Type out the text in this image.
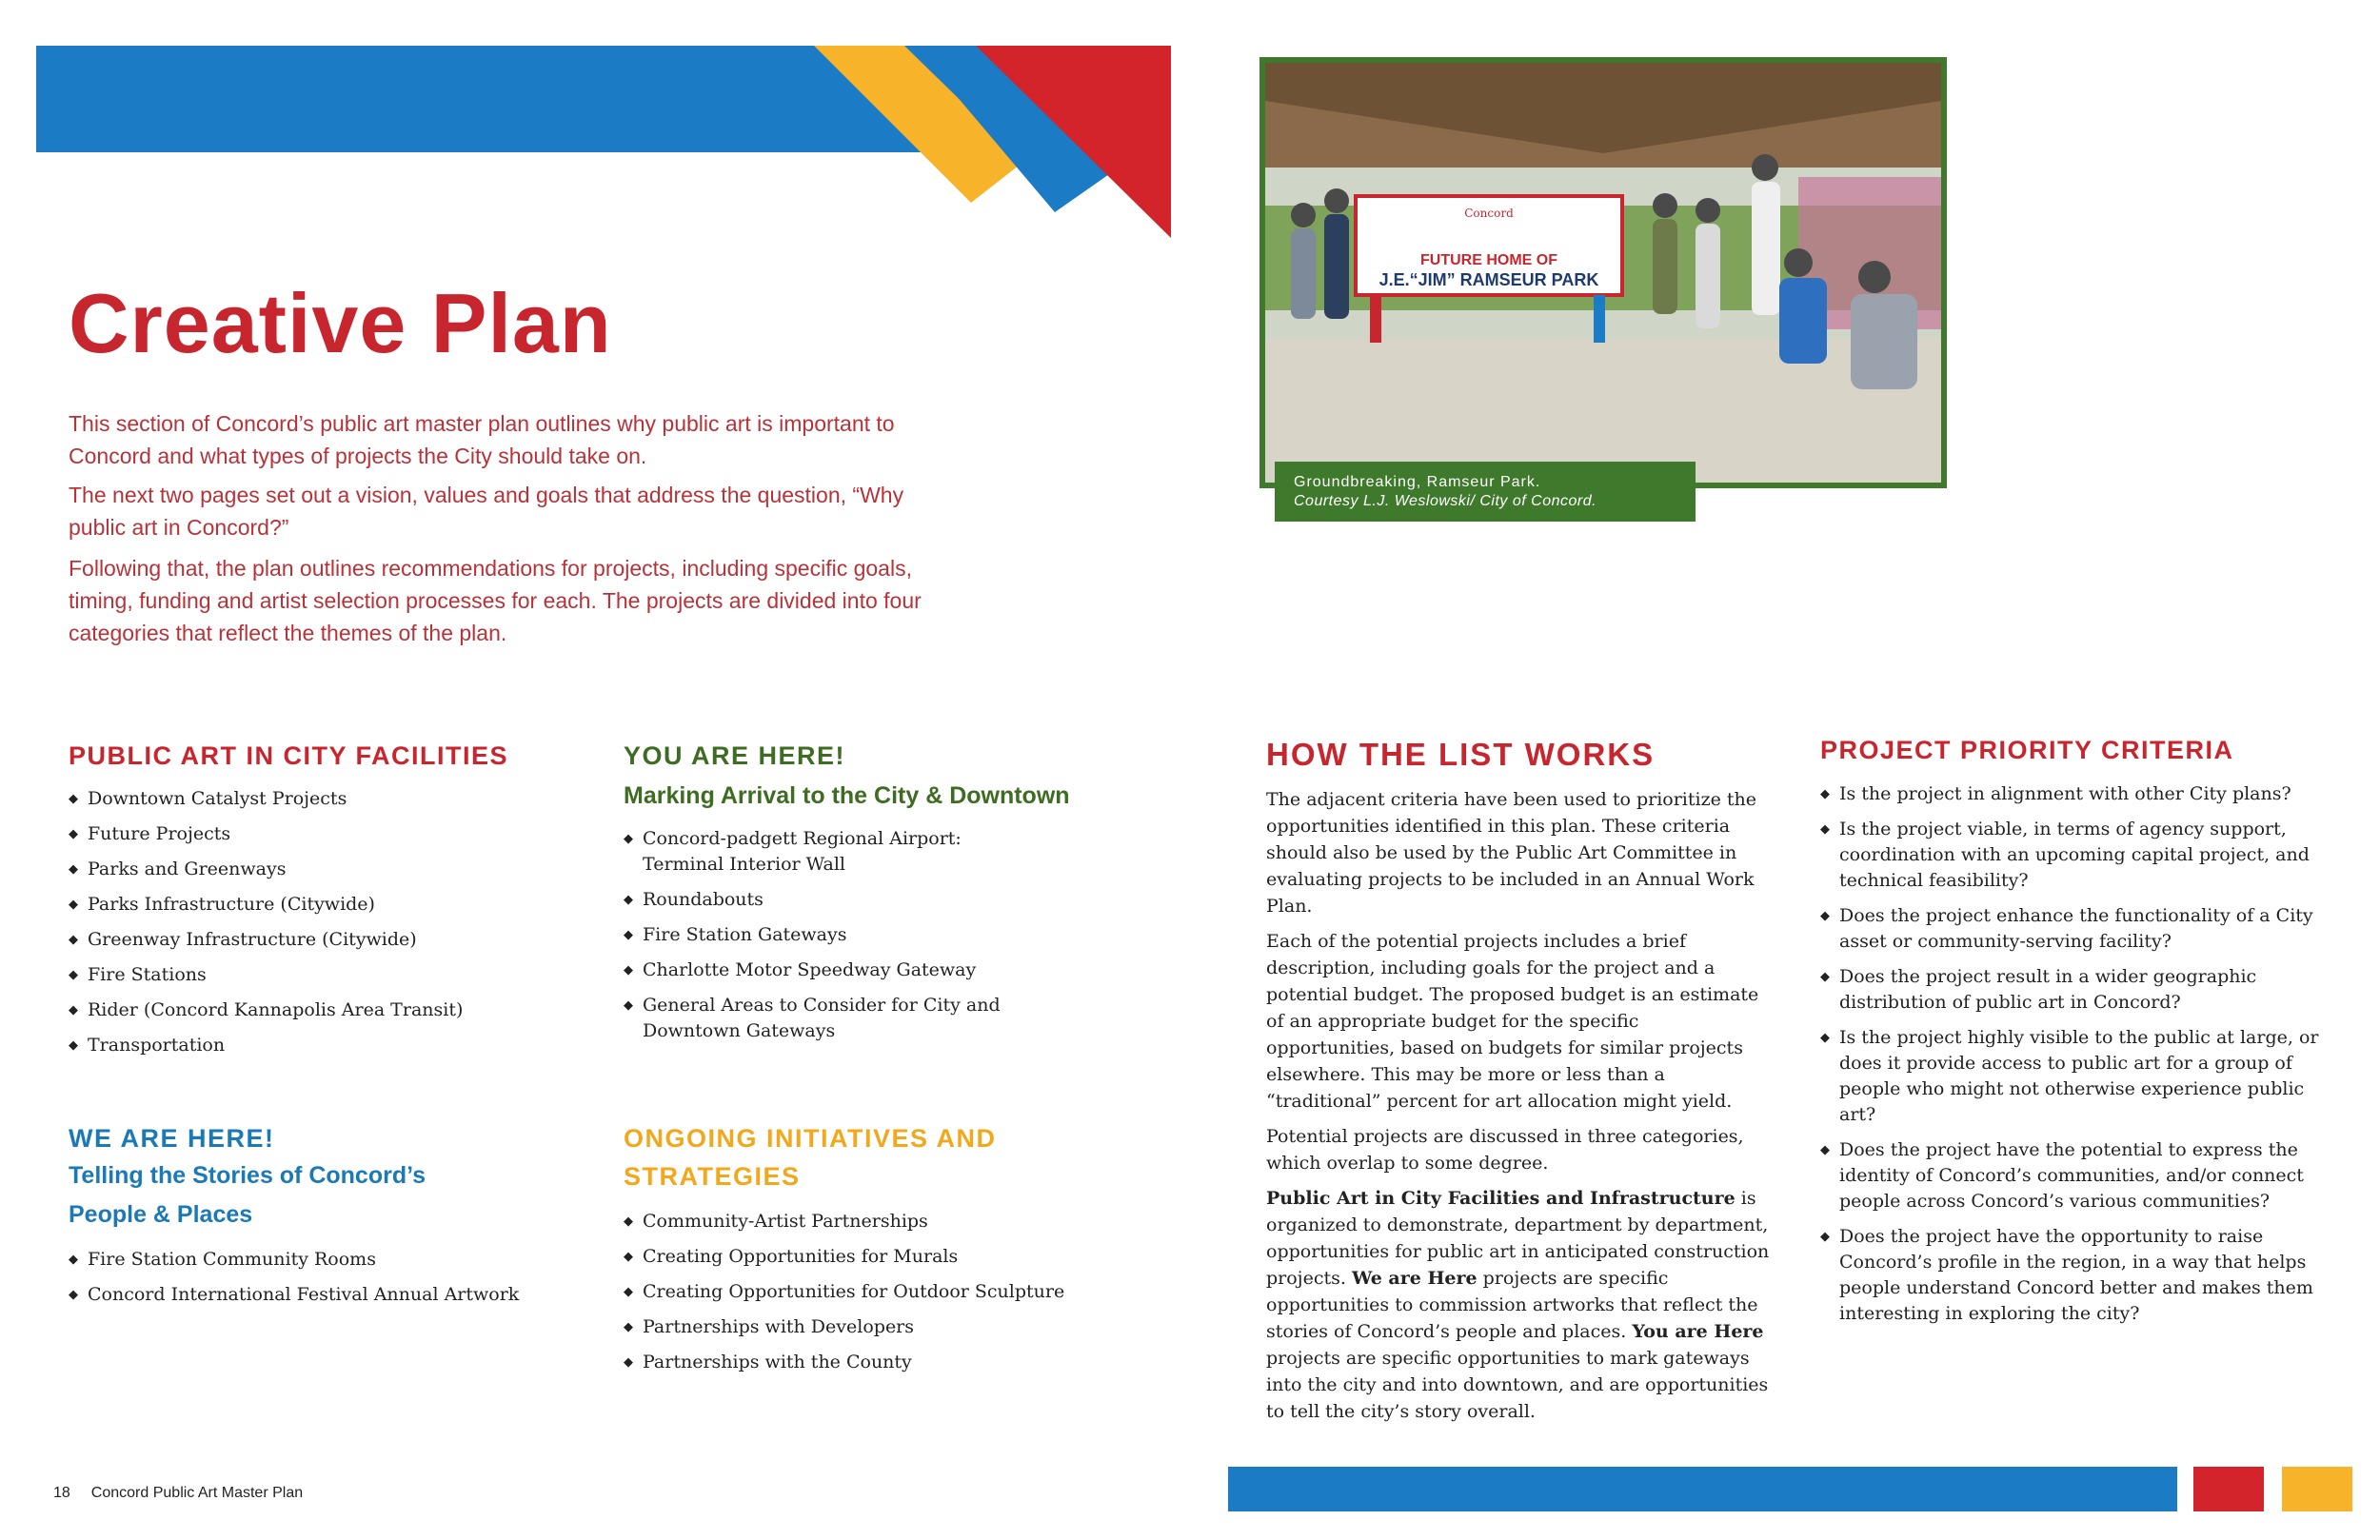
Creative Plan

This section of Concord’s public art master plan outlines why public art is important to Concord and what types of projects the City should take on.

The next two pages set out a vision, values and goals that address the question, “Why public art in Concord?”

Following that, the plan outlines recommendations for projects, including specific goals, timing, funding and artist selection processes for each. The projects are divided into four categories that reflect the themes of the plan.

Concord
FUTURE HOME OF
J.E.“JIM” RAMSEUR PARK
Groundbreaking, Ramseur Park.
Courtesy L.J. Weslowski/ City of Concord.
PUBLIC ART IN CITY FACILITIES
◆ Downtown Catalyst Projects
◆ Future Projects
◆ Parks and Greenways
◆ Parks Infrastructure (Citywide)
◆ Greenway Infrastructure (Citywide)
◆ Fire Stations
◆ Rider (Concord Kannapolis Area Transit)
◆ Transportation
WE ARE HERE!
Telling the Stories of Concord’s People & Places
◆ Fire Station Community Rooms
◆ Concord International Festival Annual Artwork
YOU ARE HERE!
Marking Arrival to the City & Downtown
◆ Concord-padgett Regional Airport: Terminal Interior Wall
◆ Roundabouts
◆ Fire Station Gateways
◆ Charlotte Motor Speedway Gateway
◆ General Areas to Consider for City and Downtown Gateways
ONGOING INITIATIVES AND STRATEGIES
◆ Community-Artist Partnerships
◆ Creating Opportunities for Murals
◆ Creating Opportunities for Outdoor Sculpture
◆ Partnerships with Developers
◆ Partnerships with the County
HOW THE LIST WORKS

The adjacent criteria have been used to prioritize the opportunities identified in this plan. These criteria should also be used by the Public Art Committee in evaluating projects to be included in an Annual Work Plan.

Each of the potential projects includes a brief description, including goals for the project and a potential budget. The proposed budget is an estimate of an appropriate budget for the specific opportunities, based on budgets for similar projects elsewhere. This may be more or less than a “traditional” percent for art allocation might yield.

Potential projects are discussed in three categories, which overlap to some degree.

Public Art in City Facilities and Infrastructure is organized to demonstrate, department by department, opportunities for public art in anticipated construction projects. We are Here projects are specific opportunities to commission artworks that reflect the stories of Concord’s people and places. You are Here projects are specific opportunities to mark gateways into the city and into downtown, and are opportunities to tell the city’s story overall.

PROJECT PRIORITY CRITERIA
◆ Is the project in alignment with other City plans?
◆ Is the project viable, in terms of agency support, coordination with an upcoming capital project, and technical feasibility?
◆ Does the project enhance the functionality of a City asset or community-serving facility?
◆ Does the project result in a wider geographic distribution of public art in Concord?
◆ Is the project highly visible to the public at large, or does it provide access to public art for a group of people who might not otherwise experience public art?
◆ Does the project have the potential to express the identity of Concord’s communities, and/or connect people across Concord’s various communities?
◆ Does the project have the opportunity to raise Concord’s profile in the region, in a way that helps people understand Concord better and makes them interesting in exploring the city?
18 Concord Public Art Master Plan
